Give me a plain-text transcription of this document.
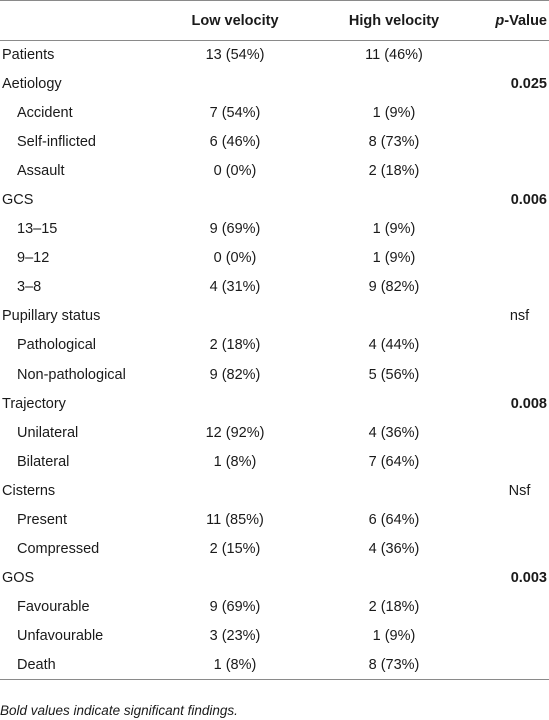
	Low velocity	High velocity	p-Value
Patients	13 (54%)	11 (46%)	
Aetiology			0.025
Accident	7 (54%)	1 (9%)	
Self-inflicted	6 (46%)	8 (73%)	
Assault	0 (0%)	2 (18%)	
GCS			0.006
13–15	9 (69%)	1 (9%)	
9–12	0 (0%)	1 (9%)	
3–8	4 (31%)	9 (82%)	
Pupillary status			nsf
Pathological	2 (18%)	4 (44%)	
Non-pathological	9 (82%)	5 (56%)	
Trajectory			0.008
Unilateral	12 (92%)	4 (36%)	
Bilateral	1 (8%)	7 (64%)	
Cisterns			Nsf
Present	11 (85%)	6 (64%)	
Compressed	2 (15%)	4 (36%)	
GOS			0.003
Favourable	9 (69%)	2 (18%)	
Unfavourable	3 (23%)	1 (9%)	
Death	1 (8%)	8 (73%)	
Bold values indicate significant findings.
